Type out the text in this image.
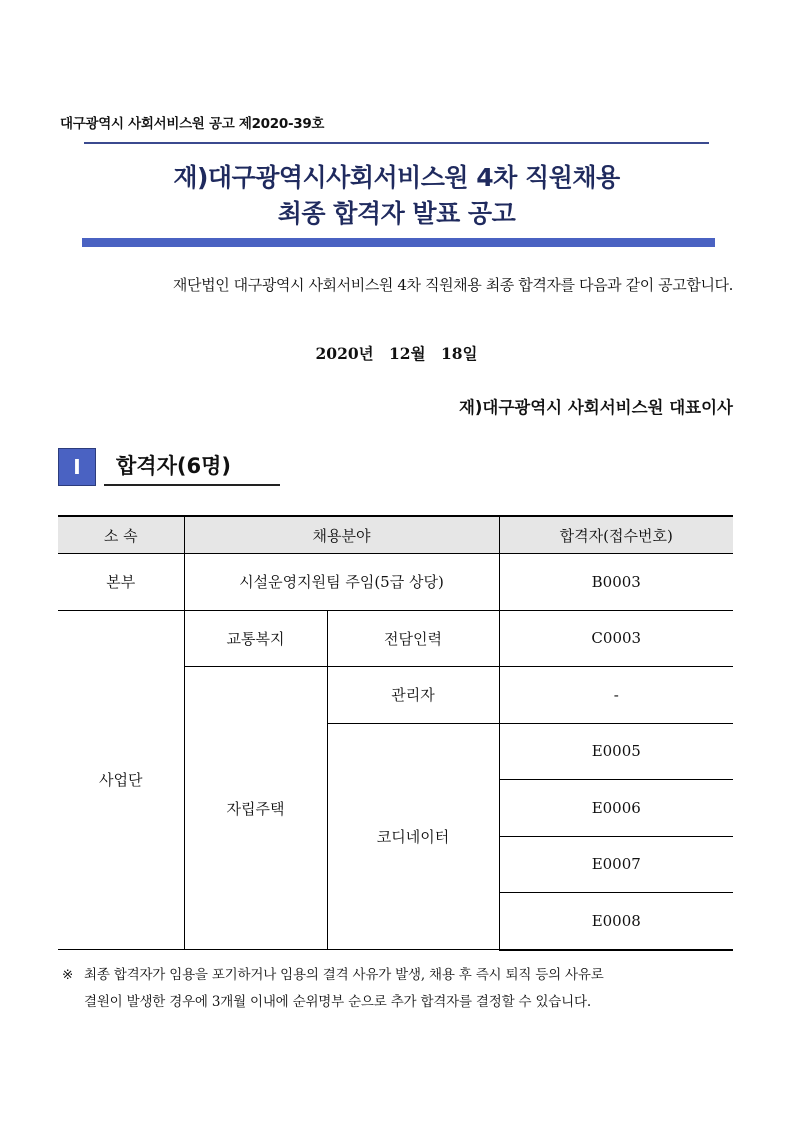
대구광역시 사회서비스원 공고 제2020-39호
재)대구광역시사회서비스원 4차 직원채용
최종 합격자 발표 공고
재단법인 대구광역시 사회서비스원 4차 직원채용 최종 합격자를 다음과 같이 공고합니다.
2020년 12월 18일
재)대구광역시 사회서비스원 대표이사
Ⅰ	합격자(6명)
소 속	채용분야		합격자(접수번호)
본부	시설운영지원팀 주임(5급 상당)		B0003
사업단	교통복지	전담인력	C0003
	자립주택	관리자	-
		코디네이터	E0005
			E0006
			E0007
			E0008
※ 최종 합격자가 임용을 포기하거나 임용의 결격 사유가 발생, 채용 후 즉시 퇴직 등의 사유로
결원이 발생한 경우에 3개월 이내에 순위명부 순으로 추가 합격자를 결정할 수 있습니다.
